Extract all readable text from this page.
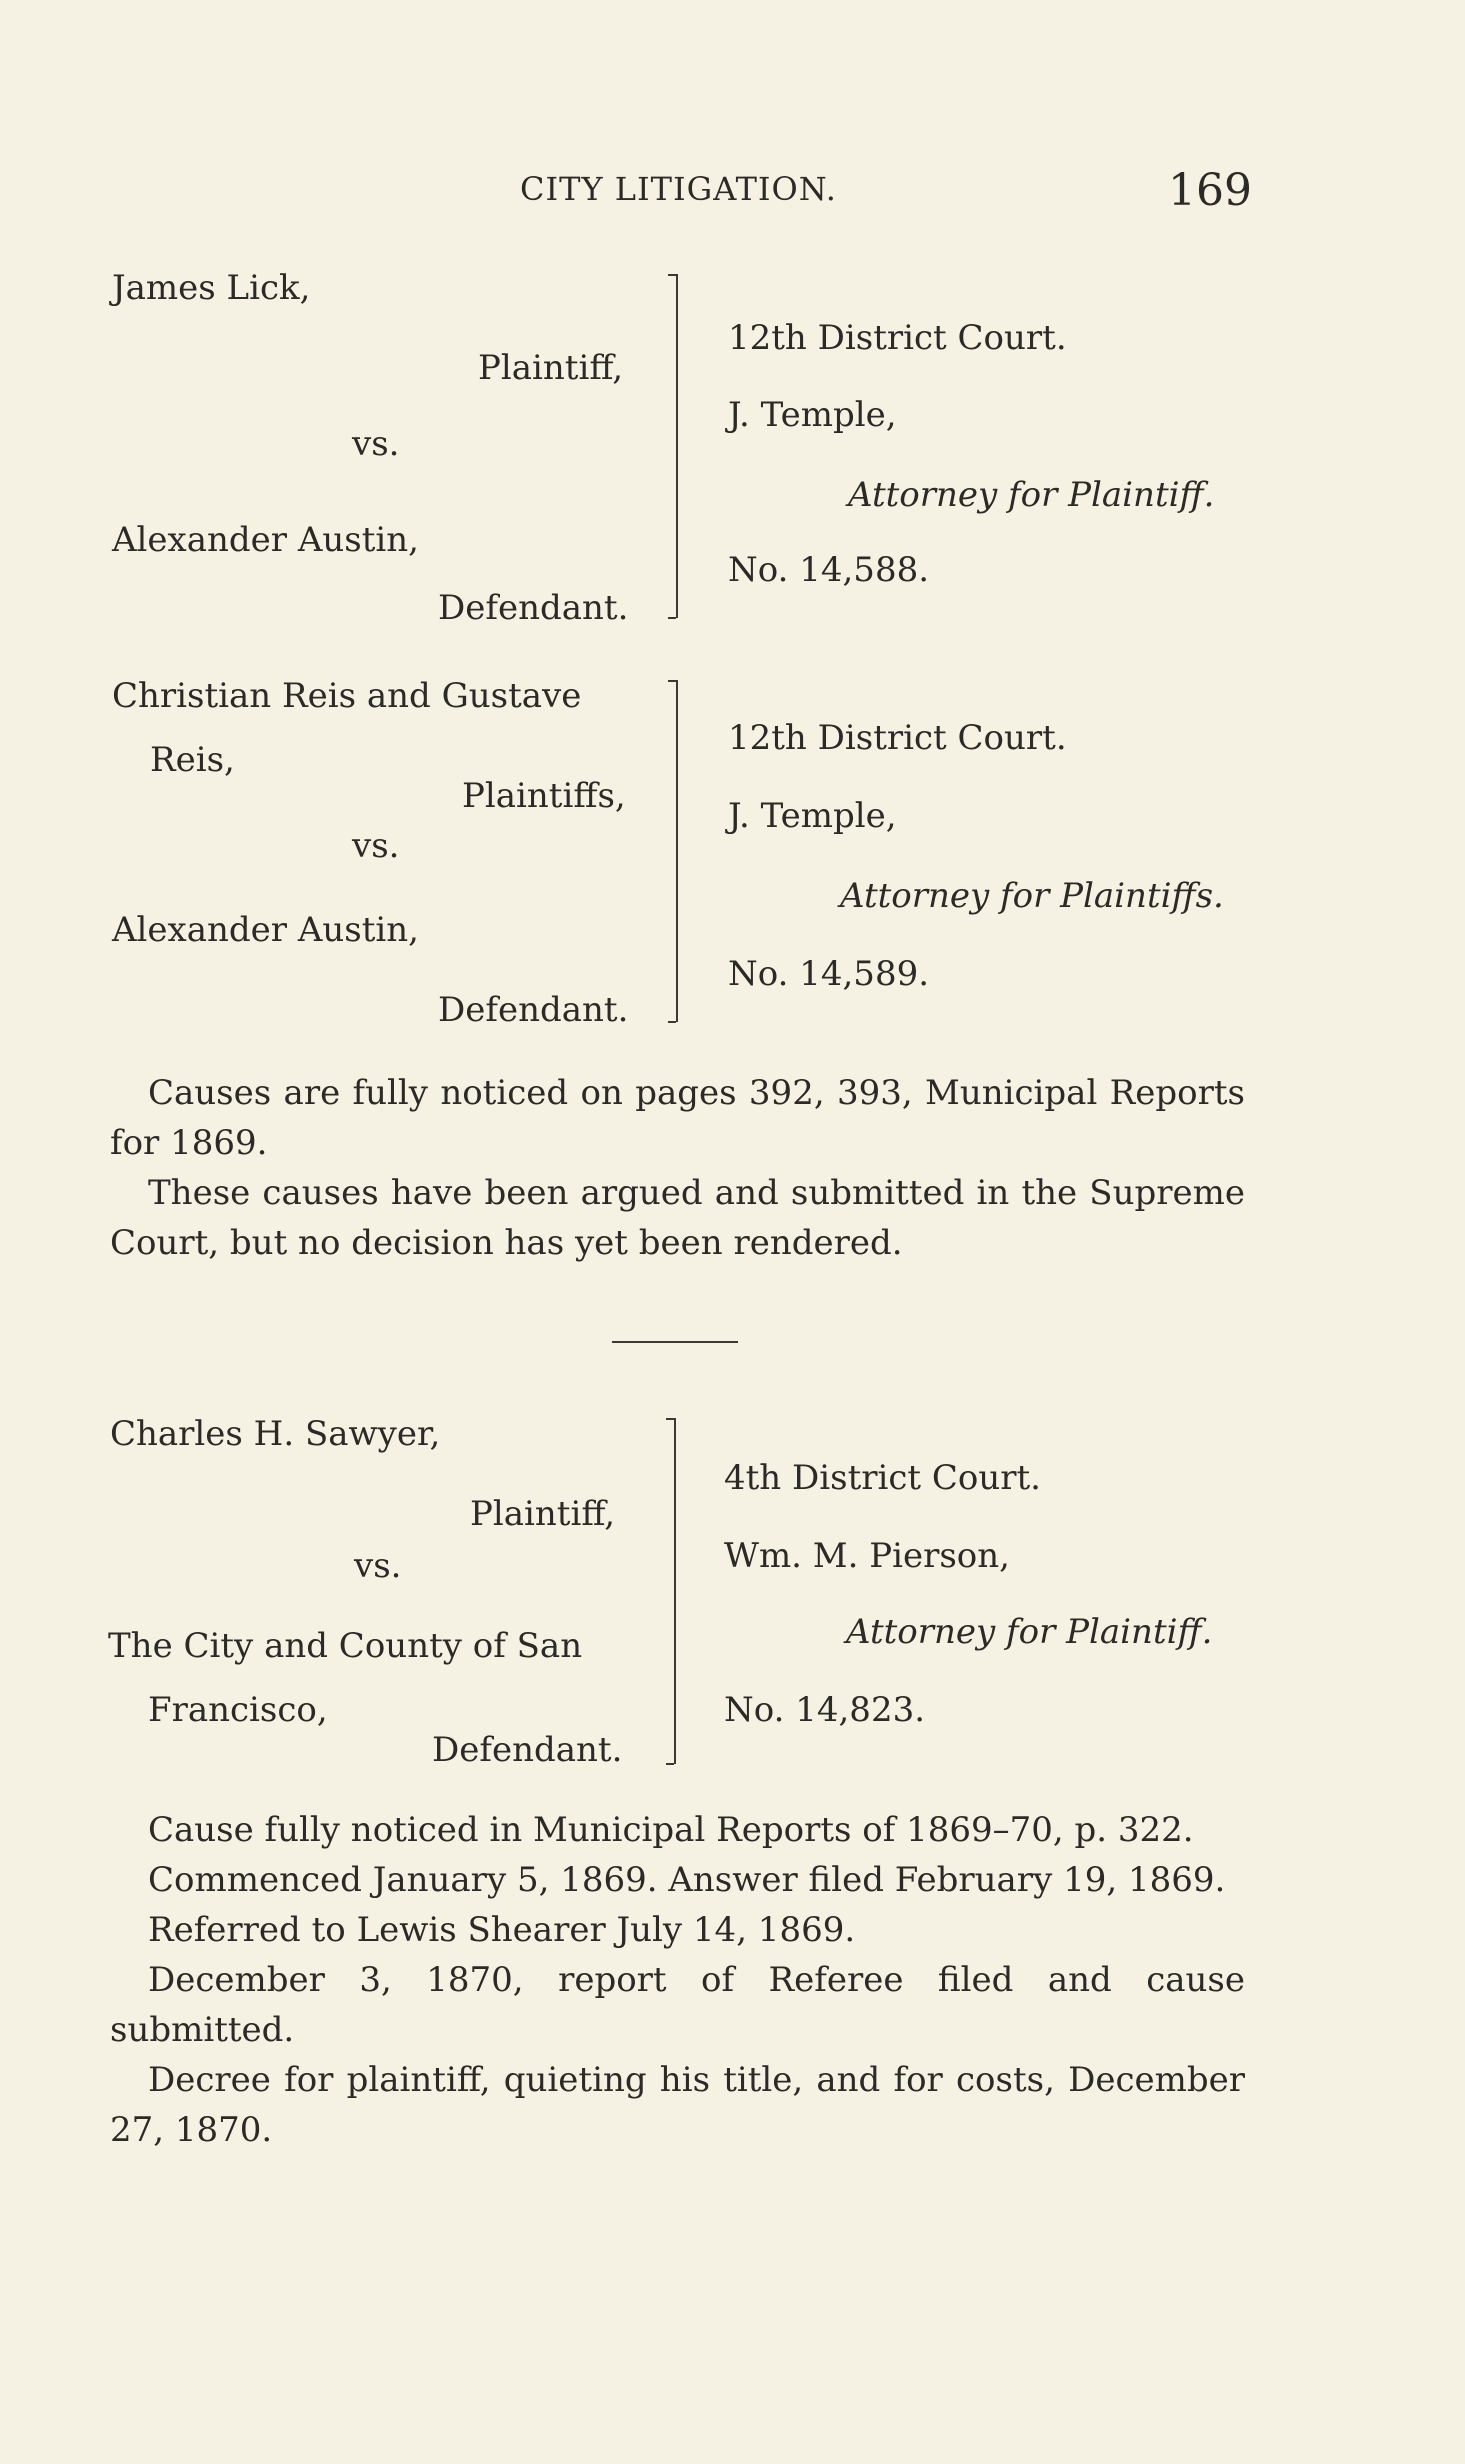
CITY LITIGATION.	169
James Lick,
Plaintiff,
vs.
Alexander Austin,
Defendant.
12th District Court.
J. Temple,
Attorney for Plaintiff.
No. 14,588.
Christian Reis and Gustave
Reis,
Plaintiffs,
vs.
Alexander Austin,
Defendant.
12th District Court.
J. Temple,
Attorney for Plaintiffs.
No. 14,589.

Causes are fully noticed on pages 392, 393, Municipal Reports for 1869.

These causes have been argued and submitted in the Supreme Court, but no decision has yet been rendered.

Charles H. Sawyer,
Plaintiff,
vs.
The City and County of San
Francisco,
Defendant.
4th District Court.
Wm. M. Pierson,
Attorney for Plaintiff.
No. 14,823.

Cause fully noticed in Municipal Reports of 1869–70, p. 322.

Commenced January 5, 1869. Answer filed February 19, 1869.

Referred to Lewis Shearer July 14, 1869.

December 3, 1870, report of Referee filed and cause submitted.

Decree for plaintiff, quieting his title, and for costs, December 27, 1870.
